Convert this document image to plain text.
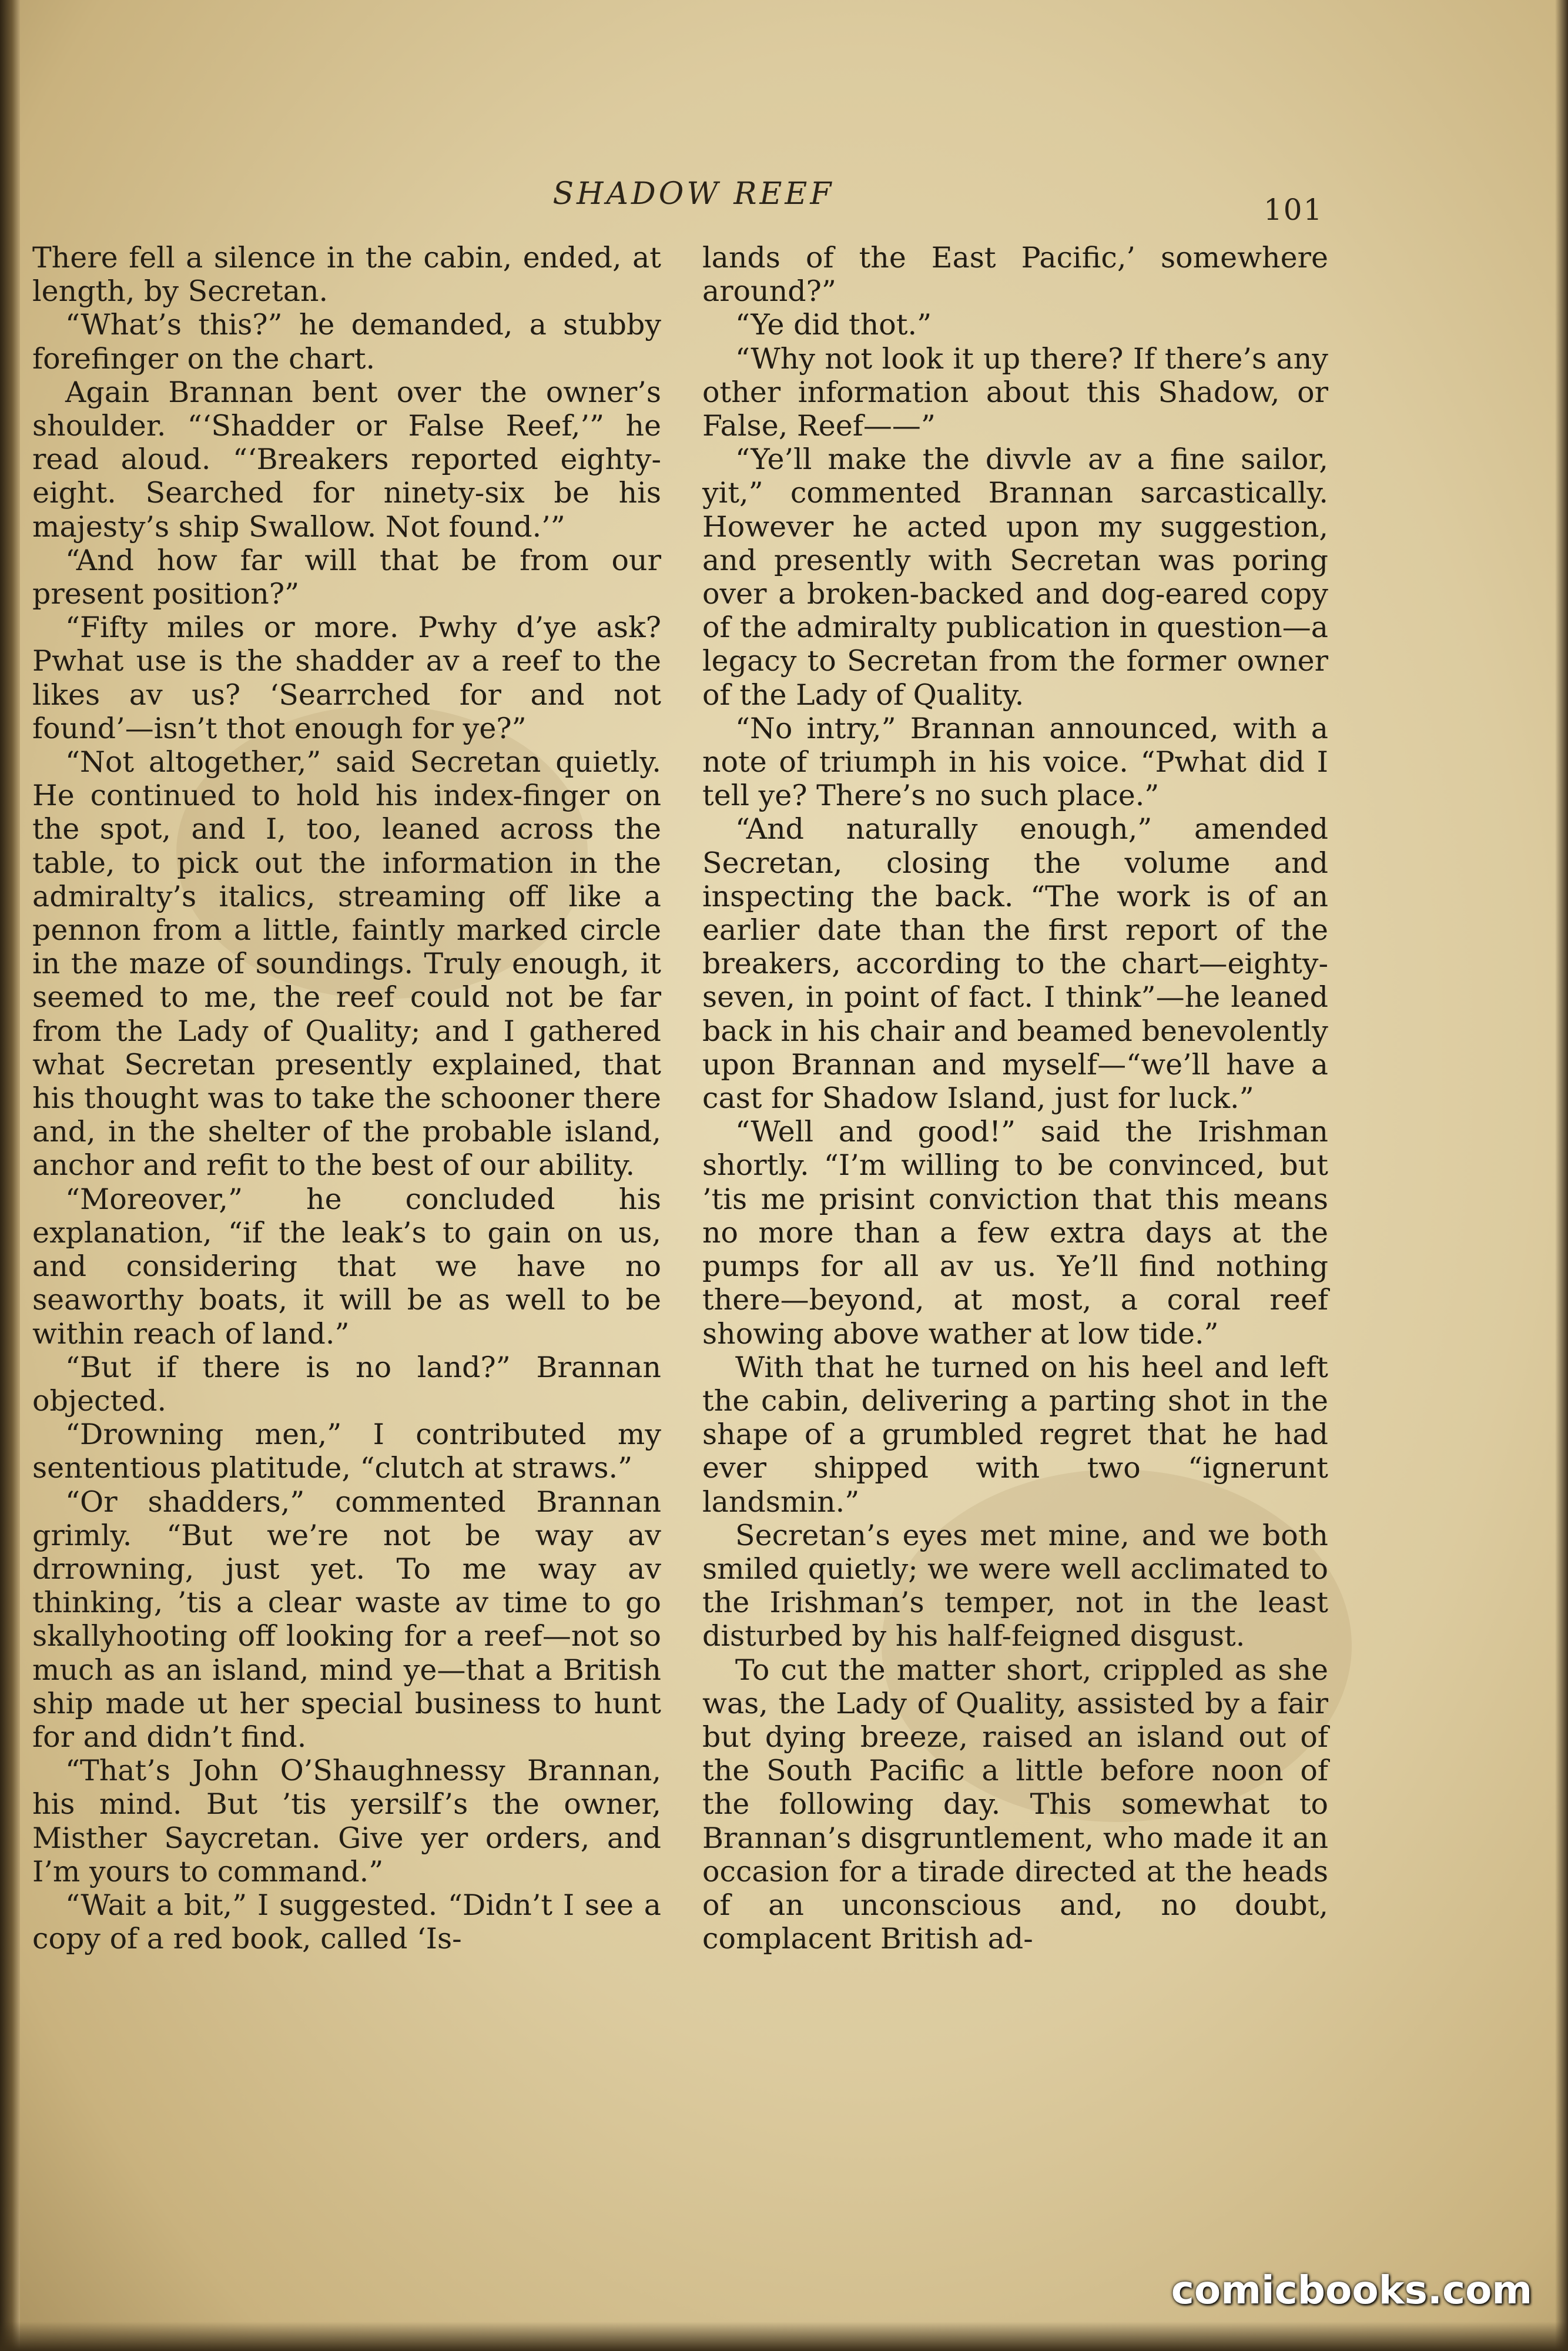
SHADOW REEF	101

There fell a silence in the cabin, ended, at length, by Secretan.

“What’s this?” he demanded, a stubby forefinger on the chart.

Again Brannan bent over the owner’s shoulder. “‘Shadder or False Reef,’” he read aloud. “‘Breakers reported eighty-eight. Searched for ninety-six be his majesty’s ship Swallow. Not found.’”

“And how far will that be from our present position?”

“Fifty miles or more. Pwhy d’ye ask? Pwhat use is the shadder av a reef to the likes av us? ‘Searrched for and not found’—isn’t thot enough for ye?”

“Not altogether,” said Secretan quietly. He continued to hold his index-finger on the spot, and I, too, leaned across the table, to pick out the information in the admiralty’s italics, streaming off like a pennon from a little, faintly marked circle in the maze of soundings. Truly enough, it seemed to me, the reef could not be far from the Lady of Quality; and I gathered what Secretan presently explained, that his thought was to take the schooner there and, in the shelter of the probable island, anchor and refit to the best of our ability.

“Moreover,” he concluded his explanation, “if the leak’s to gain on us, and considering that we have no seaworthy boats, it will be as well to be within reach of land.”

“But if there is no land?” Brannan objected.

“Drowning men,” I contributed my sententious platitude, “clutch at straws.”

“Or shadders,” commented Brannan grimly. “But we’re not be way av drrowning, just yet. To me way av thinking, ’tis a clear waste av time to go skallyhooting off looking for a reef—not so much as an island, mind ye—that a British ship made ut her special business to hunt for and didn’t find.

“That’s John O’Shaughnessy Brannan, his mind. But ’tis yersilf’s the owner, Misther Saycretan. Give yer orders, and I’m yours to command.”

“Wait a bit,” I suggested. “Didn’t I see a copy of a red book, called ‘Is-

lands of the East Pacific,’ somewhere around?”

“Ye did thot.”

“Why not look it up there? If there’s any other information about this Shadow, or False, Reef——”

“Ye’ll make the divvle av a fine sailor, yit,” commented Brannan sarcastically. However he acted upon my suggestion, and presently with Secretan was poring over a broken-backed and dog-eared copy of the admiralty publication in question—a legacy to Secretan from the former owner of the Lady of Quality.

“No intry,” Brannan announced, with a note of triumph in his voice. “Pwhat did I tell ye? There’s no such place.”

“And naturally enough,” amended Secretan, closing the volume and inspecting the back. “The work is of an earlier date than the first report of the breakers, according to the chart—eighty-seven, in point of fact. I think”—he leaned back in his chair and beamed benevolently upon Brannan and myself—“we’ll have a cast for Shadow Island, just for luck.”

“Well and good!” said the Irishman shortly. “I’m willing to be convinced, but ’tis me prisint conviction that this means no more than a few extra days at the pumps for all av us. Ye’ll find nothing there—beyond, at most, a coral reef showing above wather at low tide.”

With that he turned on his heel and left the cabin, delivering a parting shot in the shape of a grumbled regret that he had ever shipped with two “ignerunt landsmin.”

Secretan’s eyes met mine, and we both smiled quietly; we were well acclimated to the Irishman’s temper, not in the least disturbed by his half-feigned disgust.

To cut the matter short, crippled as she was, the Lady of Quality, assisted by a fair but dying breeze, raised an island out of the South Pacific a little before noon of the following day. This somewhat to Brannan’s disgruntlement, who made it an occasion for a tirade directed at the heads of an unconscious and, no doubt, complacent British ad-

comicbooks.com
